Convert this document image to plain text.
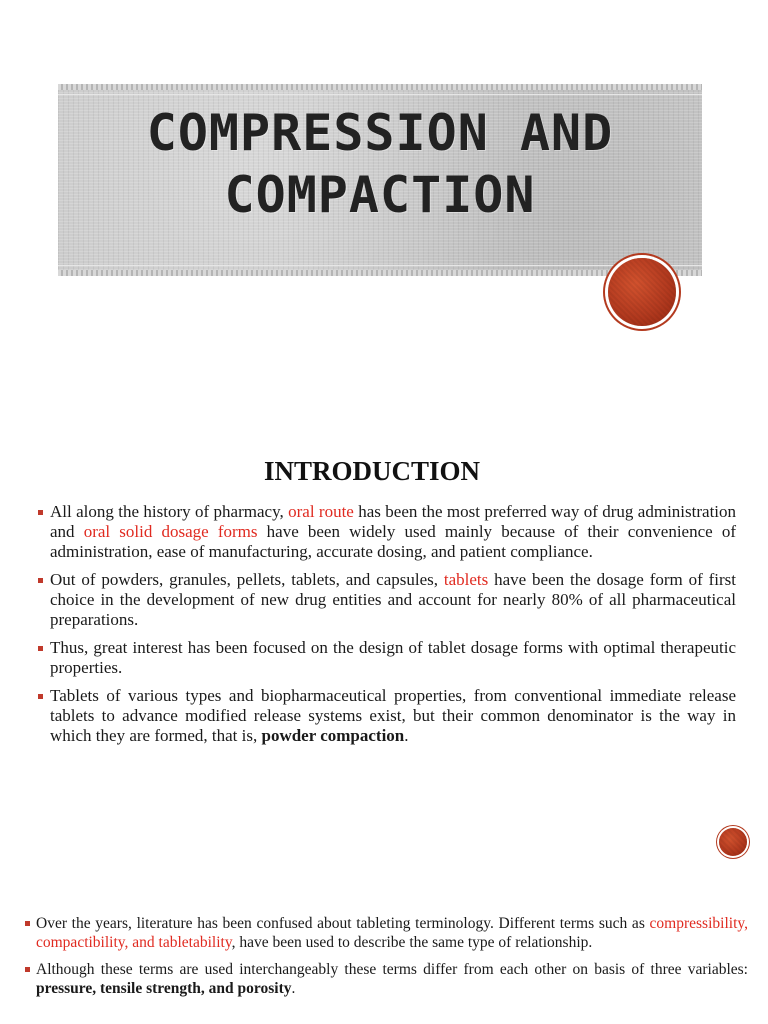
COMPRESSION AND
COMPACTION
INTRODUCTION
All along the history of pharmacy, oral route has been the most preferred way of drug administration and oral solid dosage forms have been widely used mainly because of their convenience of administration, ease of manufacturing, accurate dosing, and patient compliance.
Out of powders, granules, pellets, tablets, and capsules, tablets have been the dosage form of first choice in the development of new drug entities and account for nearly 80% of all pharmaceutical preparations.
Thus, great interest has been focused on the design of tablet dosage forms with optimal therapeutic properties.
Tablets of various types and biopharmaceutical properties, from conventional immediate release tablets to advance modified release systems exist, but their common denominator is the way in which they are formed, that is, powder compaction.
Over the years, literature has been confused about tableting terminology. Different terms such as compressibility, compactibility, and tabletability, have been used to describe the same type of relationship.
Although these terms are used interchangeably these terms differ from each other on basis of three variables: pressure, tensile strength, and porosity.
